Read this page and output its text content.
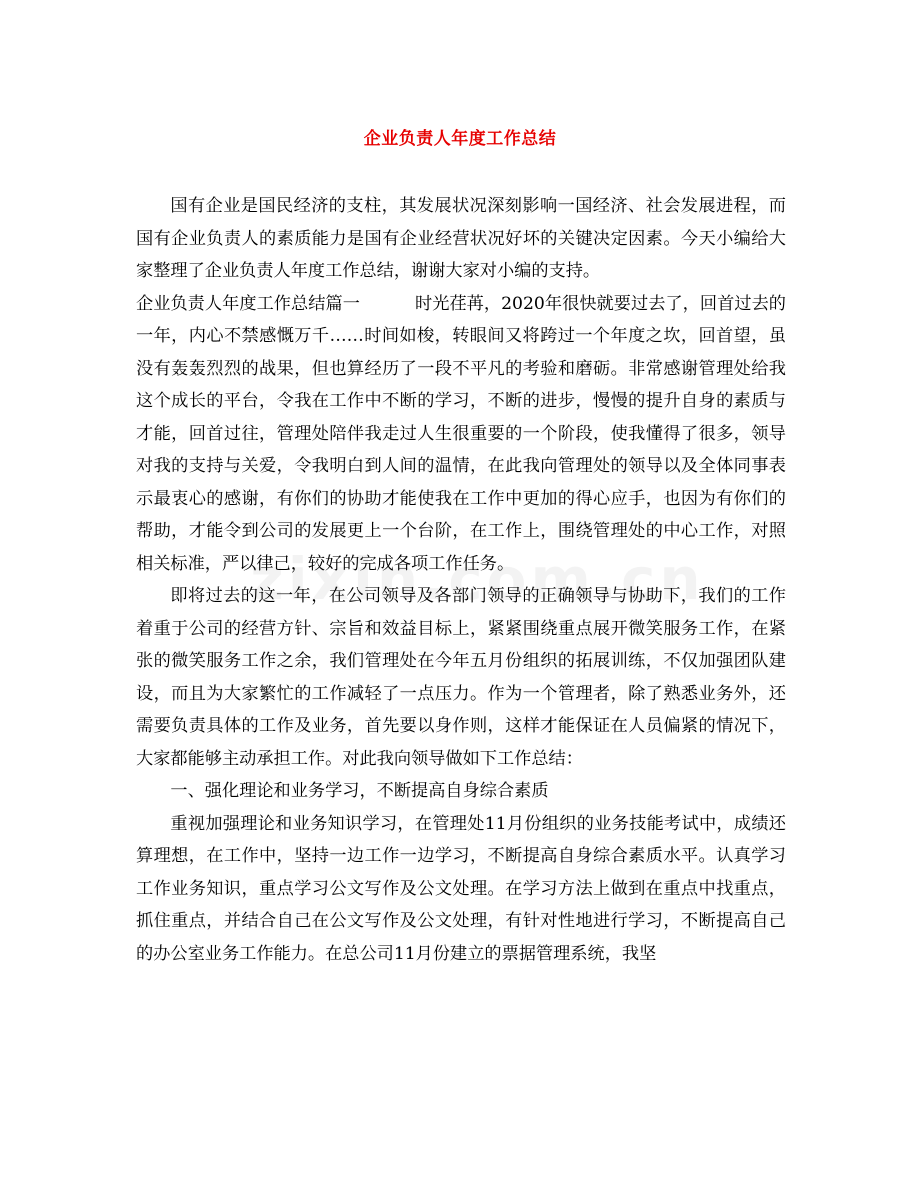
企业负责人年度工作总结

国有企业是国民经济的支柱，其发展状况深刻影响一国经济、社会发展进程，而国有企业负责人的素质能力是国有企业经营状况好坏的关键决定因素。今天小编给大家整理了企业负责人年度工作总结，谢谢大家对小编的支持。

企业负责人年度工作总结篇一	时光荏苒，2020年很快就要过去了，回首过去的一年，内心不禁感慨万千……时间如梭，转眼间又将跨过一个年度之坎，回首望，虽没有轰轰烈烈的战果，但也算经历了一段不平凡的考验和磨砺。非常感谢管理处给我这个成长的平台，令我在工作中不断的学习，不断的进步，慢慢的提升自身的素质与才能，回首过往，管理处陪伴我走过人生很重要的一个阶段，使我懂得了很多，领导对我的支持与关爱，令我明白到人间的温情，在此我向管理处的领导以及全体同事表示最衷心的感谢，有你们的协助才能使我在工作中更加的得心应手，也因为有你们的帮助，才能令到公司的发展更上一个台阶，在工作上，围绕管理处的中心工作，对照相关标准，严以律己，较好的完成各项工作任务。

即将过去的这一年，在公司领导及各部门领导的正确领导与协助下，我们的工作着重于公司的经营方针、宗旨和效益目标上，紧紧围绕重点展开微笑服务工作，在紧张的微笑服务工作之余，我们管理处在今年五月份组织的拓展训练，不仅加强团队建设，而且为大家繁忙的工作减轻了一点压力。作为一个管理者，除了熟悉业务外，还需要负责具体的工作及业务，首先要以身作则，这样才能保证在人员偏紧的情况下，大家都能够主动承担工作。对此我向领导做如下工作总结：

一、强化理论和业务学习，不断提高自身综合素质

重视加强理论和业务知识学习，在管理处11月份组织的业务技能考试中，成绩还算理想，在工作中，坚持一边工作一边学习，不断提高自身综合素质水平。认真学习工作业务知识，重点学习公文写作及公文处理。在学习方法上做到在重点中找重点，抓住重点，并结合自己在公文写作及公文处理，有针对性地进行学习，不断提高自己的办公室业务工作能力。在总公司11月份建立的票据管理系统，我坚
